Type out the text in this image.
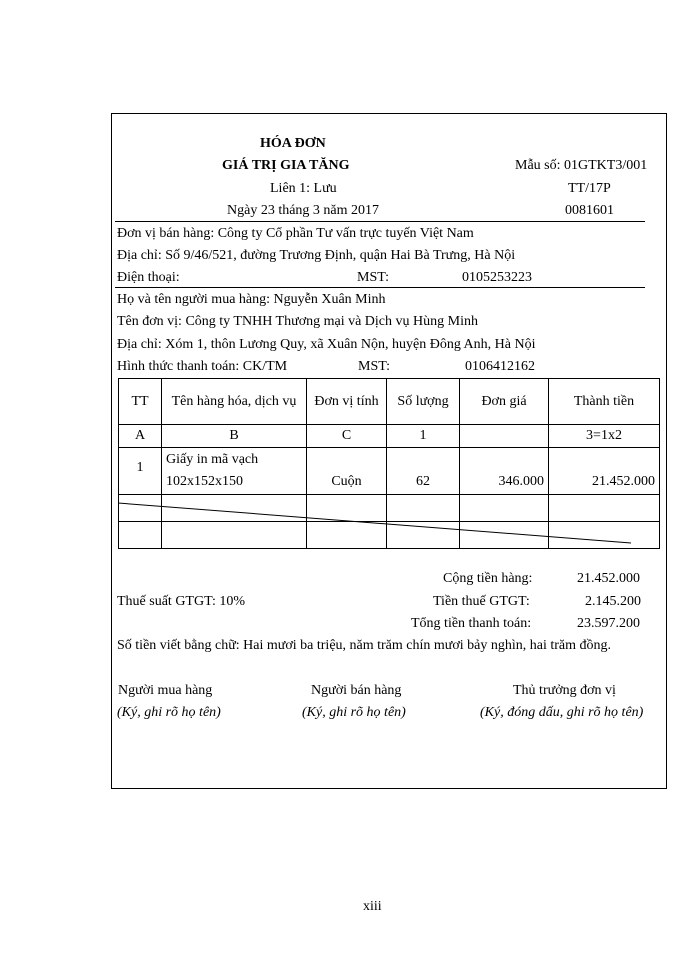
HÓA ĐƠN
GIÁ TRỊ GIA TĂNG	Mẫu số: 01GTKT3/001
Liên 1: Lưu	TT/17P
Ngày 23 tháng 3 năm 2017	0081601
Đơn vị bán hàng: Công ty Cổ phần Tư vấn trực tuyến Việt Nam
Địa chỉ: Số 9/46/521, đường Trương Định, quận Hai Bà Trưng, Hà Nội
Điện thoại:	MST:	0105253223
Họ và tên người mua hàng: Nguyễn Xuân Minh
Tên đơn vị: Công ty TNHH Thương mại và Dịch vụ Hùng Minh
Địa chỉ: Xóm 1, thôn Lương Quy, xã Xuân Nộn, huyện Đông Anh, Hà Nội
Hình thức thanh toán: CK/TM	MST:	0106412162
TT	Tên hàng hóa, dịch vụ	Đơn vị tính	Số lượng	Đơn giá	Thành tiền
A	B	C	1		3=1x2
1	Giấy in mã vạch
102x152x150	Cuộn	62	346.000	21.452.000

Cộng tiền hàng:	21.452.000
Thuế suất GTGT: 10%	Tiền thuế GTGT:	2.145.200
Tổng tiền thanh toán:	23.597.200
Số tiền viết bằng chữ: Hai mươi ba triệu, năm trăm chín mươi bảy nghìn, hai trăm đồng.
Người mua hàng
(Ký, ghi rõ họ tên)
Người bán hàng
(Ký, ghi rõ họ tên)
Thủ trưởng đơn vị
(Ký, đóng dấu, ghi rõ họ tên)
xiii
